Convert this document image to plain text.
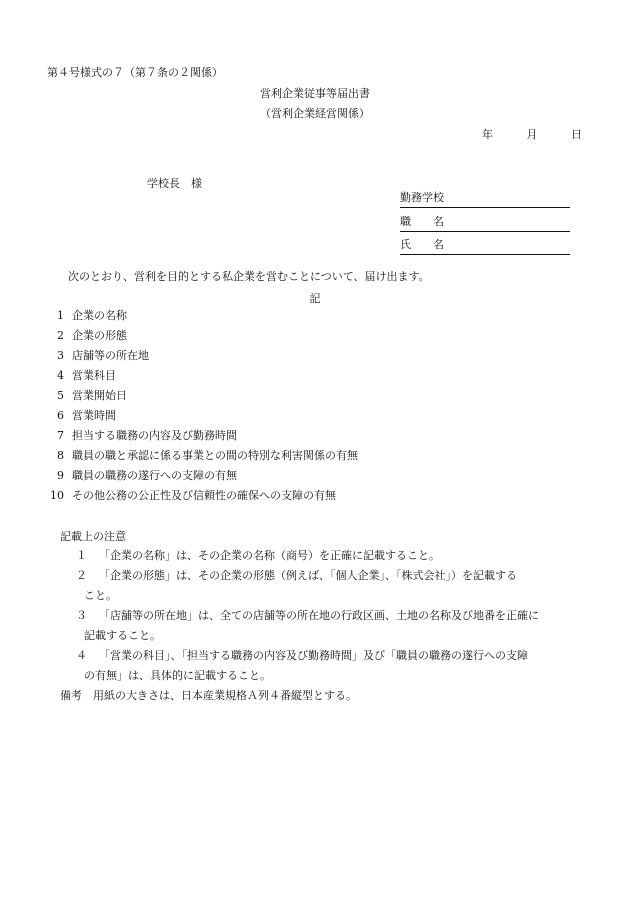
第４号様式の７（第７条の２関係）
営利企業従事等届出書
（営利企業経営関係）
年	月	日
学校長　様
勤務学校
職　　名
氏　　名
次のとおり、営利を目的とする私企業を営むことについて、届け出ます。
記
1 企業の名称
2 企業の形態
3 店舗等の所在地
4 営業科目
5 営業開始日
6 営業時間
7 担当する職務の内容及び勤務時間
8 職員の職と承認に係る事業との間の特別な利害関係の有無
9 職員の職務の遂行への支障の有無
10 その他公務の公正性及び信頼性の確保への支障の有無
記載上の注意
１ 「企業の名称」は、その企業の名称（商号）を正確に記載すること。
２ 「企業の形態」は、その企業の形態（例えば、「個人企業」、「株式会社」）を記載する
こと。
３ 「店舗等の所在地」は、全ての店舗等の所在地の行政区画、土地の名称及び地番を正確に
記載すること。
４ 「営業の科目」、「担当する職務の内容及び勤務時間」及び「職員の職務の遂行への支障
の有無」は、具体的に記載すること。
備考　用紙の大きさは、日本産業規格Ａ列４番縦型とする。
